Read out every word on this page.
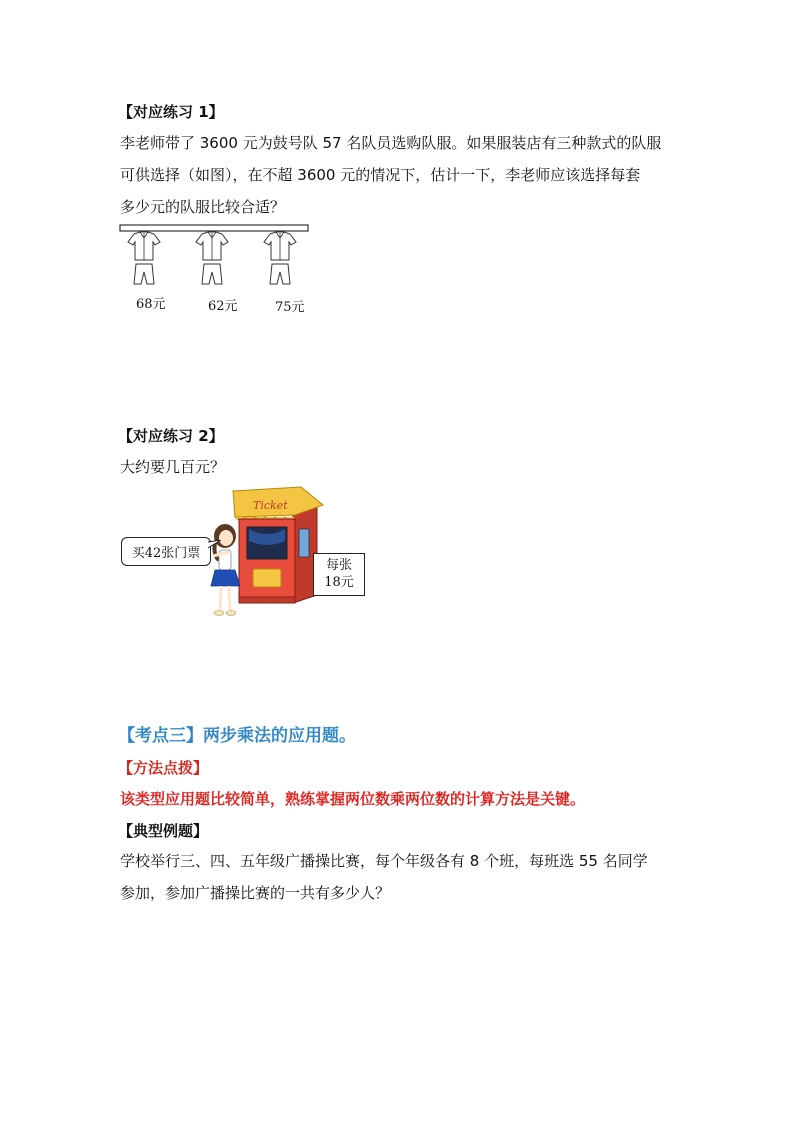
【对应练习 1】
李老师带了 3600 元为鼓号队 57 名队员选购队服。如果服装店有三种款式的队服
可供选择（如图），在不超 3600 元的情况下，估计一下，李老师应该选择每套
多少元的队服比较合适？
68元	62元	75元
【对应练习 2】
大约要几百元？
Ticket
买42张门票
每张
18元
【考点三】两步乘法的应用题。
【方法点拨】
该类型应用题比较简单，熟练掌握两位数乘两位数的计算方法是关键。
【典型例题】
学校举行三、四、五年级广播操比赛，每个年级各有 8 个班，每班选 55 名同学
参加，参加广播操比赛的一共有多少人？
